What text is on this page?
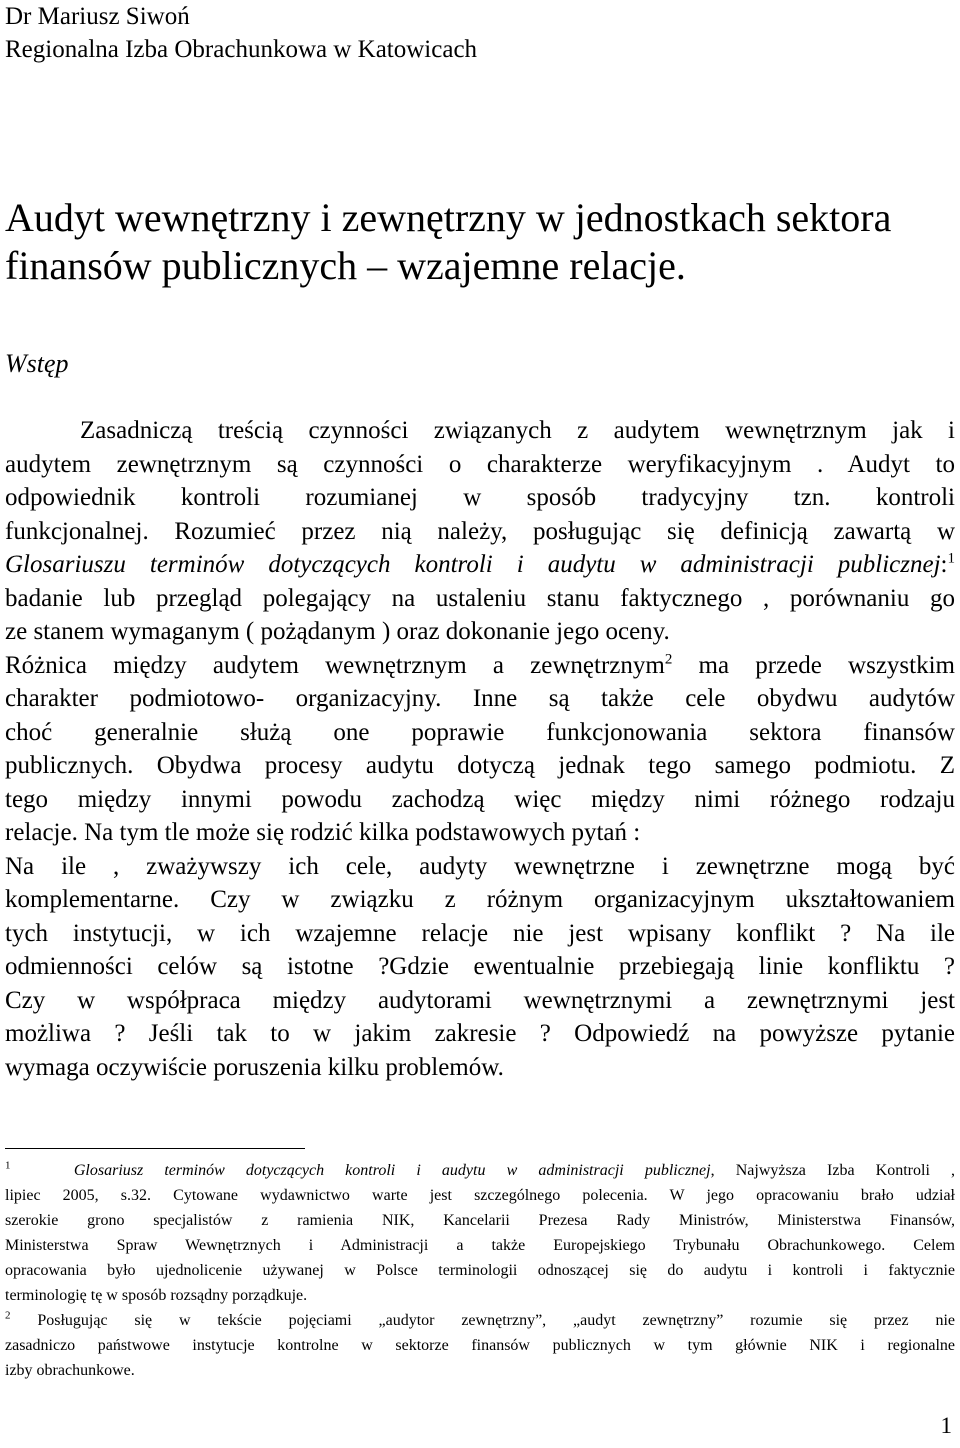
Dr Mariusz Siwoń
Regionalna Izba Obrachunkowa w Katowicach
Audyt wewnętrzny i zewnętrzny w jednostkach sektora
finansów publicznych – wzajemne relacje.
Wstęp
Zasadniczą treścią czynności związanych z audytem wewnętrznym jak i
audytem zewnętrznym są czynności o charakterze weryfikacyjnym . Audyt to
odpowiednik kontroli rozumianej w sposób tradycyjny tzn. kontroli
funkcjonalnej. Rozumieć przez nią należy, posługując się definicją zawartą w
Glosariuszu terminów dotyczących kontroli i audytu w administracji publicznej:$^1$
badanie lub przegląd polegający na ustaleniu stanu faktycznego , porównaniu go
ze stanem wymaganym ( pożądanym ) oraz dokonanie jego oceny.
Różnica między audytem wewnętrznym a zewnętrznym$^2$ ma przede wszystkim
charakter podmiotowo- organizacyjny. Inne są także cele obydwu audytów
choć generalnie służą one poprawie funkcjonowania sektora finansów
publicznych. Obydwa procesy audytu dotyczą jednak tego samego podmiotu. Z
tego między innymi powodu zachodzą więc między nimi różnego rodzaju
relacje. Na tym tle może się rodzić kilka podstawowych pytań :
Na ile , zważywszy ich cele, audyty wewnętrzne i zewnętrzne mogą być
komplementarne. Czy w związku z różnym organizacyjnym ukształtowaniem
tych instytucji, w ich wzajemne relacje nie jest wpisany konflikt ? Na ile
odmienności celów są istotne ?Gdzie ewentualnie przebiegają linie konfliktu ?
Czy w współpraca między audytorami wewnętrznymi a zewnętrznymi jest
możliwa ? Jeśli tak to w jakim zakresie ? Odpowiedź na powyższe pytanie
wymaga oczywiście poruszenia kilku problemów.
$^1$	Glosariusz terminów dotyczących kontroli i audytu w administracji publicznej, Najwyższa Izba Kontroli ,
lipiec 2005, s.32. Cytowane wydawnictwo warte jest szczególnego polecenia. W jego opracowaniu brało udział
szerokie grono specjalistów z ramienia NIK, Kancelarii Prezesa Rady Ministrów, Ministerstwa Finansów,
Ministerstwa Spraw Wewnętrznych i Administracji a także Europejskiego Trybunału Obrachunkowego. Celem
opracowania było ujednolicenie używanej w Polsce terminologii odnoszącej się do audytu i kontroli i faktycznie
terminologię tę w sposób rozsądny porządkuje.
$^2$ Posługując się w tekście pojęciami „audytor zewnętrzny”, „audyt zewnętrzny” rozumie się przez nie
zasadniczo państwowe instytucje kontrolne w sektorze finansów publicznych w tym głównie NIK i regionalne
izby obrachunkowe.
1
